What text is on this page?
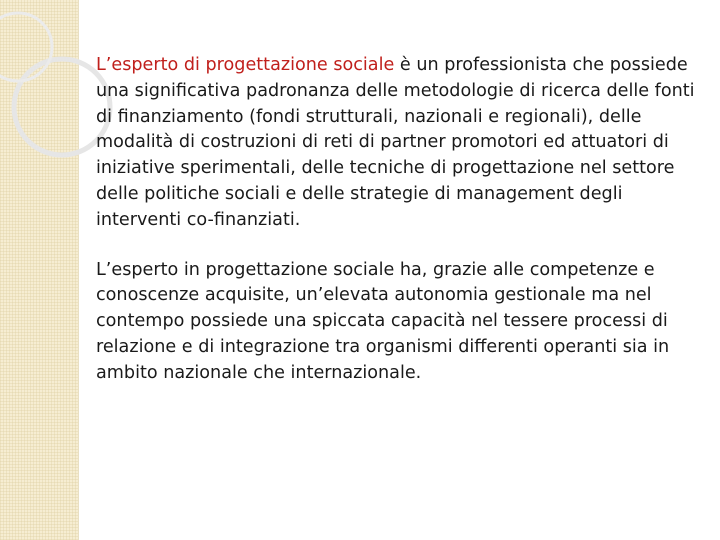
L’esperto di progettazione sociale è un professionista che possiede una significativa padronanza delle metodologie di ricerca delle fonti di finanziamento (fondi strutturali, nazionali e regionali), delle modalità di costruzioni di reti di partner promotori ed attuatori di iniziative sperimentali, delle tecniche di progettazione nel settore delle politiche sociali e delle strategie di management degli interventi co-finanziati.

L’esperto in progettazione sociale ha, grazie alle competenze e conoscenze acquisite, un’elevata autonomia gestionale ma nel contempo possiede una spiccata capacità nel tessere processi di relazione e di integrazione tra organismi differenti operanti sia in ambito nazionale che internazionale.
